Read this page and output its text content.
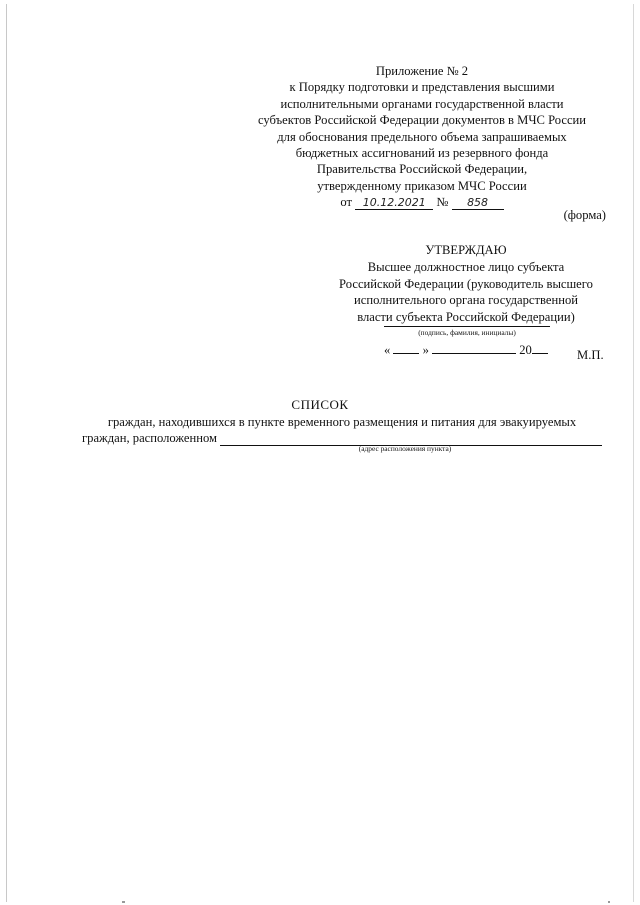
Приложение № 2
к Порядку подготовки и представления высшими
исполнительными органами государственной власти
субъектов Российской Федерации документов в МЧС России
для обоснования предельного объема запрашиваемых
бюджетных ассигнований из резервного фонда
Правительства Российской Федерации,
утвержденному приказом МЧС России
от 10.12.2021 № 858
(форма)
УТВЕРЖДАЮ
Высшее должностное лицо субъекта
Российской Федерации (руководитель высшего
исполнительного органа государственной
власти субъекта Российской Федерации)
(подпись, фамилия, инициалы)
«	»	20	М.П.
СПИСОК
граждан, находившихся в пункте временного размещения и питания для эвакуируемых
граждан, расположенном
(адрес расположения пункта)
